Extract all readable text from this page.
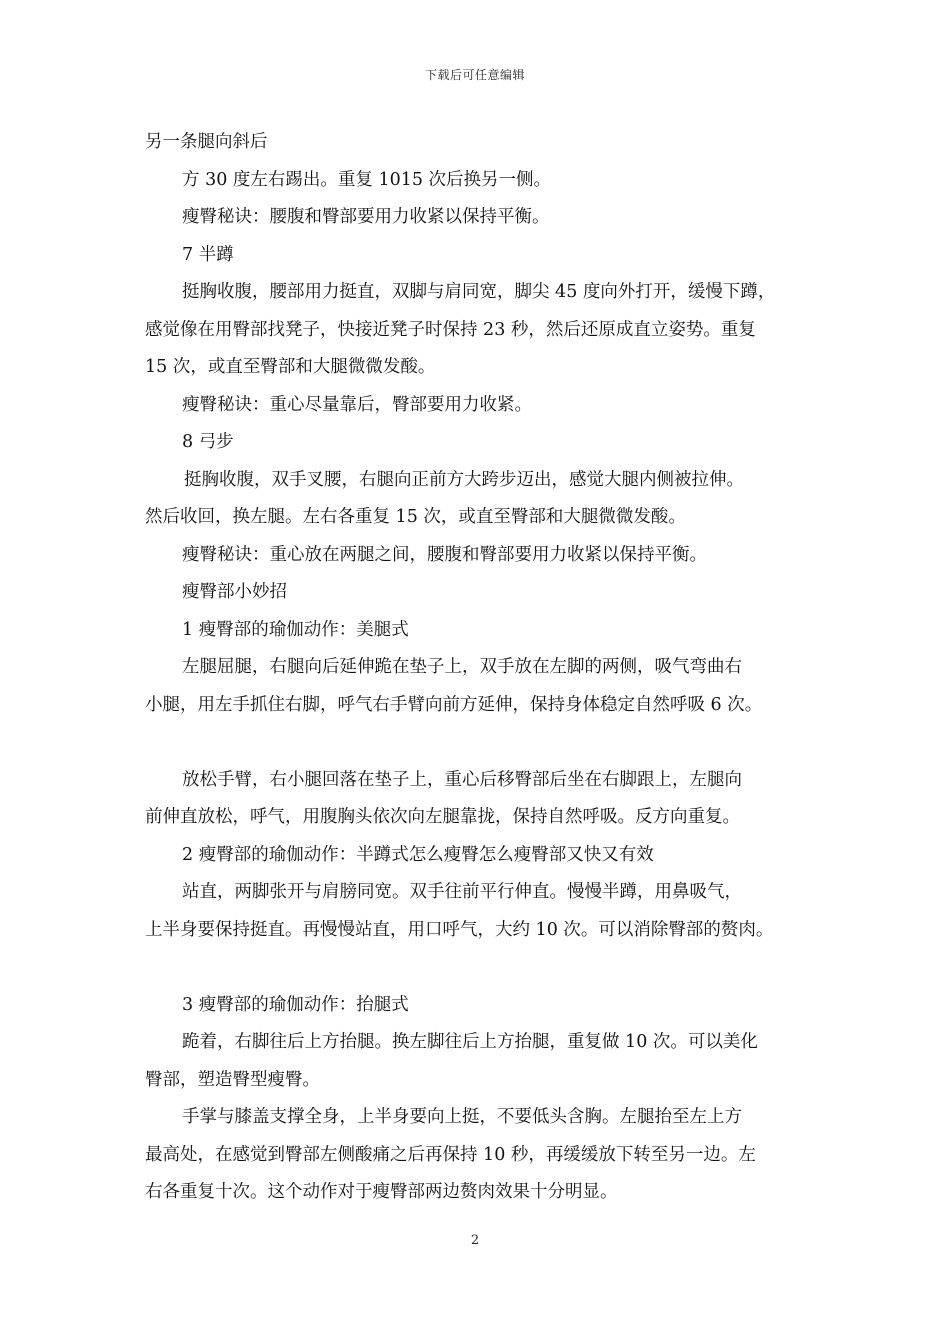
下载后可任意编辑
另一条腿向斜后
方 30 度左右踢出。重复 1015 次后换另一侧。
瘦臀秘诀：腰腹和臀部要用力收紧以保持平衡。
7 半蹲
挺胸收腹，腰部用力挺直，双脚与肩同宽，脚尖 45 度向外打开，缓慢下蹲，
感觉像在用臀部找凳子，快接近凳子时保持 23 秒，然后还原成直立姿势。重复
15 次，或直至臀部和大腿微微发酸。
瘦臀秘诀：重心尽量靠后，臀部要用力收紧。
8 弓步
挺胸收腹，双手叉腰，右腿向正前方大跨步迈出，感觉大腿内侧被拉伸。
然后收回，换左腿。左右各重复 15 次，或直至臀部和大腿微微发酸。
瘦臀秘诀：重心放在两腿之间，腰腹和臀部要用力收紧以保持平衡。
瘦臀部小妙招
1 瘦臀部的瑜伽动作：美腿式
左腿屈腿，右腿向后延伸跪在垫子上，双手放在左脚的两侧，吸气弯曲右
小腿，用左手抓住右脚，呼气右手臂向前方延伸，保持身体稳定自然呼吸 6 次。
放松手臂，右小腿回落在垫子上，重心后移臀部后坐在右脚跟上，左腿向
前伸直放松，呼气，用腹胸头依次向左腿靠拢，保持自然呼吸。反方向重复。
2 瘦臀部的瑜伽动作：半蹲式怎么瘦臀怎么瘦臀部又快又有效
站直，两脚张开与肩膀同宽。双手往前平行伸直。慢慢半蹲，用鼻吸气，
上半身要保持挺直。再慢慢站直，用口呼气，大约 10 次。可以消除臀部的赘肉。
3 瘦臀部的瑜伽动作：抬腿式
跪着，右脚往后上方抬腿。换左脚往后上方抬腿，重复做 10 次。可以美化
臀部，塑造臀型瘦臀。
手掌与膝盖支撑全身，上半身要向上挺，不要低头含胸。左腿抬至左上方
最高处，在感觉到臀部左侧酸痛之后再保持 10 秒，再缓缓放下转至另一边。左
右各重复十次。这个动作对于瘦臀部两边赘肉效果十分明显。
2
